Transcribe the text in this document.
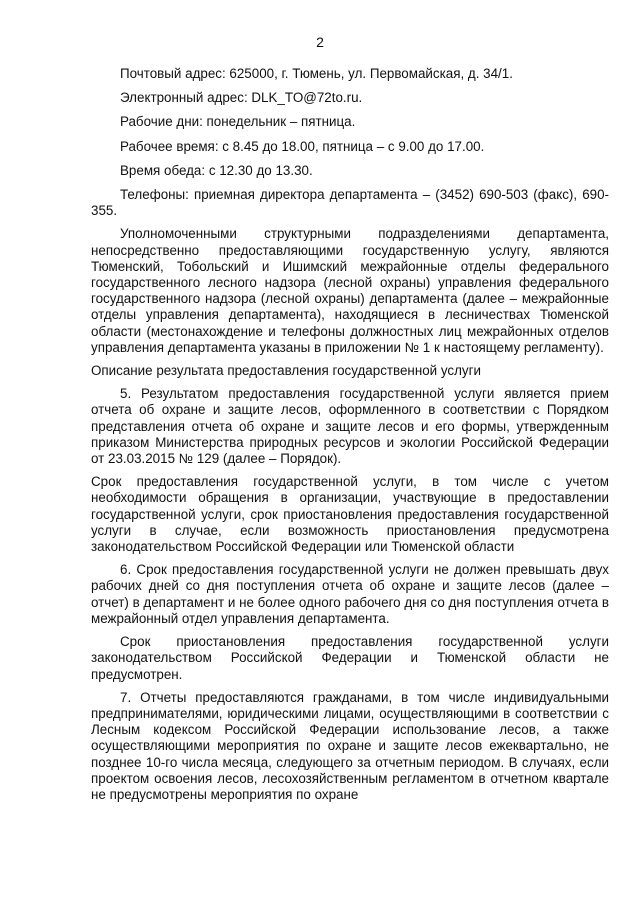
2

Почтовый адрес: 625000, г. Тюмень, ул. Первомайская, д. 34/1.

Электронный адрес: DLK_TO@72to.ru.

Рабочие дни: понедельник – пятница.

Рабочее время: с 8.45 до 18.00, пятница – с 9.00 до 17.00.

Время обеда: с 12.30 до 13.30.

Телефоны: приемная директора департамента – (3452) 690-503 (факс), 690-355.

Уполномоченными структурными подразделениями департамента, непосредственно предоставляющими государственную услугу, являются Тюменский, Тобольский и Ишимский межрайонные отделы федерального государственного лесного надзора (лесной охраны) управления федерального государственного надзора (лесной охраны) департамента (далее – межрайонные отделы управления департамента), находящиеся в лесничествах Тюменской области (местонахождение и телефоны должностных лиц межрайонных отделов управления департамента указаны в приложении № 1 к настоящему регламенту).

Описание результата предоставления государственной услуги

5. Результатом предоставления государственной услуги является прием отчета об охране и защите лесов, оформленного в соответствии с Порядком представления отчета об охране и защите лесов и его формы, утвержденным приказом Министерства природных ресурсов и экологии Российской Федерации от 23.03.2015 № 129 (далее – Порядок).

Срок предоставления государственной услуги, в том числе с учетом необходимости обращения в организации, участвующие в предоставлении государственной услуги, срок приостановления предоставления государственной услуги в случае, если возможность приостановления предусмотрена законодательством Российской Федерации или Тюменской области

6. Срок предоставления государственной услуги не должен превышать двух рабочих дней со дня поступления отчета об охране и защите лесов (далее – отчет) в департамент и не более одного рабочего дня со дня поступления отчета в межрайонный отдел управления департамента.

Срок приостановления предоставления государственной услуги законодательством Российской Федерации и Тюменской области не предусмотрен.

7. Отчеты предоставляются гражданами, в том числе индивидуальными предпринимателями, юридическими лицами, осуществляющими в соответствии с Лесным кодексом Российской Федерации использование лесов, а также осуществляющими мероприятия по охране и защите лесов ежеквартально, не позднее 10-го числа месяца, следующего за отчетным периодом. В случаях, если проектом освоения лесов, лесохозяйственным регламентом в отчетном квартале не предусмотрены мероприятия по охране
